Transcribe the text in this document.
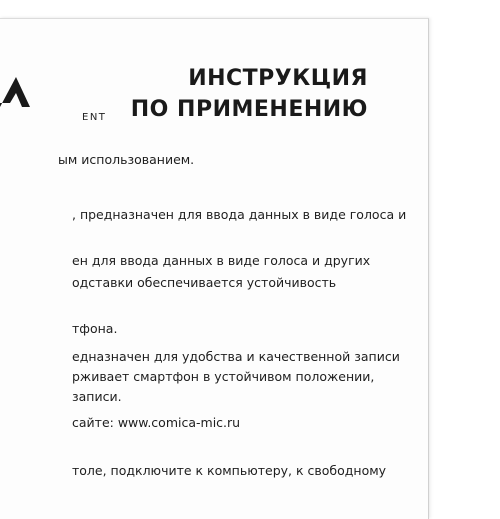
ENT
ИНСТРУКЦИЯ
ПО ПРИМЕНЕНИЮ
ым использованием.
, предназначен для ввода данных в виде голоса и
ен для ввода данных в виде голоса и других
одставки обеспечивается устойчивость
тфона.
едназначен для удобства и качественной записи
рживает смартфон в устойчивом положении,
записи.
сайте: www.comica-mic.ru
толе, подключите к компьютеру, к свободному
